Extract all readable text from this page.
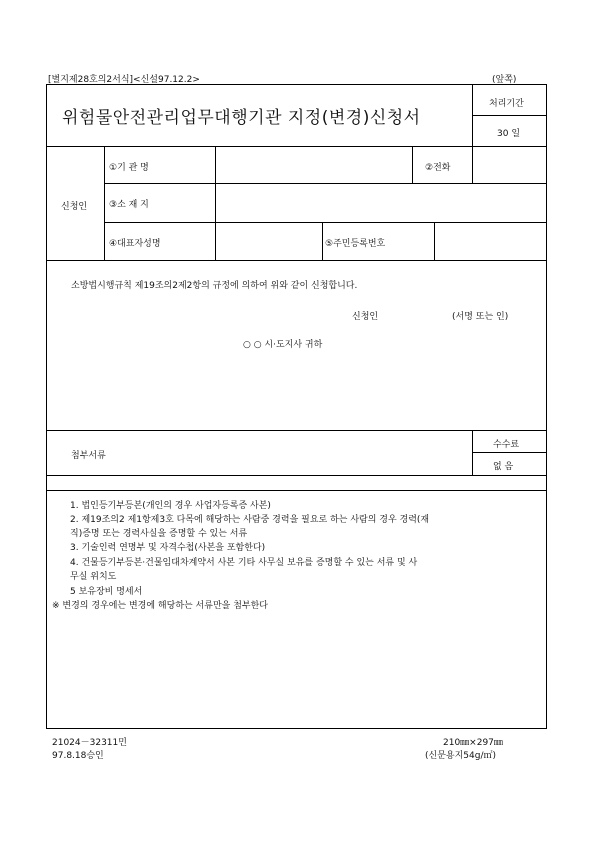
[별지제28호의2서식]<신설97.12.2>	(앞쪽)
위험물안전관리업무대행기관 지정(변경)신청서
처리기간
30 일
신청인
①기 관 명	②전화
③소 재 지
④대표자성명	⑤주민등록번호
소방법시행규칙 제19조의2제2항의 규정에 의하여 위와 같이 신청합니다.
신청인	(서명 또는 인)
○ ○ 시·도지사 귀하
첨부서류
수수료
없 음
1. 법인등기부등본(개인의 경우 사업자등록증 사본)
2. 제19조의2 제1항제3호 다목에 해당하는 사람중 경력을 필요로 하는 사람의 경우 경력(재
직)증명 또는 경력사실을 증명할 수 있는 서류
3. 기술인력 연명부 및 자격수첩(사본을 포함한다)
4. 건물등기부등본·건물임대차계약서 사본 기타 사무실 보유를 증명할 수 있는 서류 및 사
무실 위치도
5 보유장비 명세서
※ 변경의 경우에는 변경에 해당하는 서류만을 첨부한다
21024－32311민
97.8.18승인
210㎜×297㎜
(신문용지54g/㎡)
